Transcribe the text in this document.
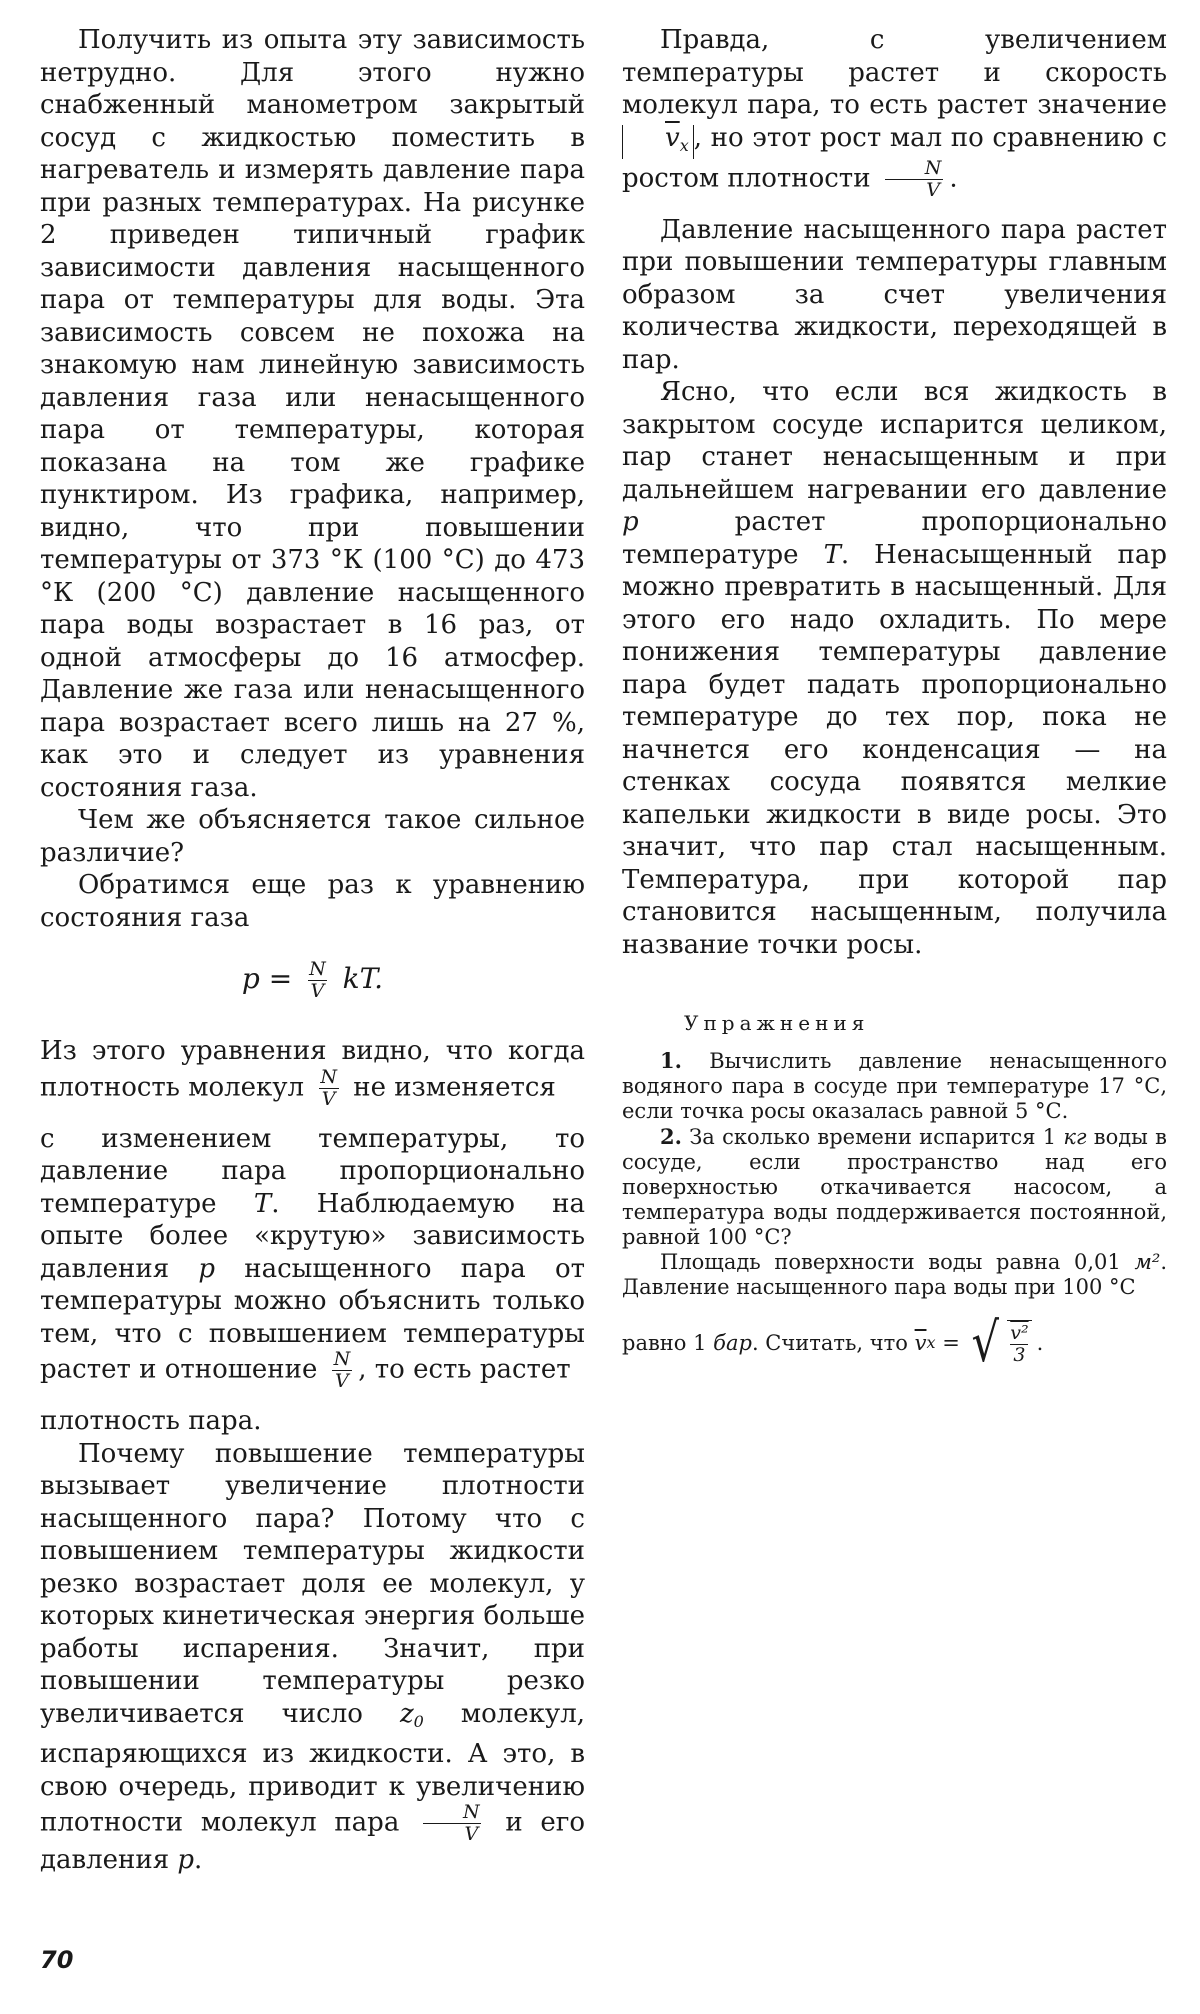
Получить из опыта эту зависимость нетрудно. Для этого нужно снабженный манометром закрытый сосуд с жидкостью поместить в нагреватель и измерять давление пара при разных температурах. На рисунке 2 приведен типичный график зависимости давления насыщенного пара от температуры для воды. Эта зависимость совсем не похожа на знакомую нам линейную зависимость давления газа или ненасыщенного пара от температуры, которая показана на том же графике пунктиром. Из графика, например, видно, что при повышении температуры от 373 °К (100 °С) до 473 °К (200 °С) давление насыщенного пара воды возрастает в 16 раз, от одной атмосферы до 16 атмосфер. Давление же газа или ненасыщенного пара возрастает всего лишь на 27 %, как это и следует из уравнения состояния газа.

Чем же объясняется такое сильное различие?

Обратимся еще раз к уравнению состояния газа

$p = \frac{N}{V}$ kT.

Из этого уравнения видно, что когда плотность молекул $\frac{N}{V}$ не изменяется

с изменением температуры, то давление пара пропорционально температуре T. Наблюдаемую на опыте более «крутую» зависимость давления p насыщенного пара от температуры можно объяснить только тем, что с повышением температуры растет и отношение $\frac{N}{V}$ , то есть растет

плотность пара.

Почему повышение температуры вызывает увеличение плотности насыщенного пара? Потому что с повышением температуры жидкости резко возрастает доля ее молекул, у которых кинетическая энергия больше работы испарения. Значит, при повышении температуры резко увеличивается число $z_0$ молекул, испаряющихся из жидкости. А это, в свою очередь, приводит к увеличению плотности молекул пара $\frac{N}{V}$ и его давления p.

Правда, с увеличением температуры растет и скорость молекул пара, то есть растет значение $\overline{v}_x$ , но этот рост мал по сравнению с ростом плотности $\frac{N}{V}$ .

Давление насыщенного пара растет при повышении температуры главным образом за счет увеличения количества жидкости, переходящей в пар.

Ясно, что если вся жидкость в закрытом сосуде испарится целиком, пар станет ненасыщенным и при дальнейшем нагревании его давление p	растет пропорционально температуре T. Ненасыщенный пар можно превратить в насыщенный. Для этого его надо охладить. По мере понижения температуры давление пара будет падать пропорционально температуре до тех пор, пока не начнется его конденсация — на стенках сосуда появятся мелкие капельки жидкости в виде росы. Это значит, что пар стал насыщенным. Температура, при которой пар становится насыщенным, получила название точки росы.

Упражнения

1. Вычислить давление ненасыщенного водяного пара в сосуде при температуре 17 °С, если точка росы оказалась равной 5 °С.

2. За сколько времени испарится 1 кг воды в сосуде, если пространство над его поверхностью откачивается насосом, а температура воды поддерживается постоянной, равной 100 °С?

Площадь поверхности воды равна 0,01 м². Давление насыщенного пара воды при 100 °С

равно 1
бар . Считать, что
$\overline{v}$ x
= √ $\frac{\text{v²}}{3}$ .
70
